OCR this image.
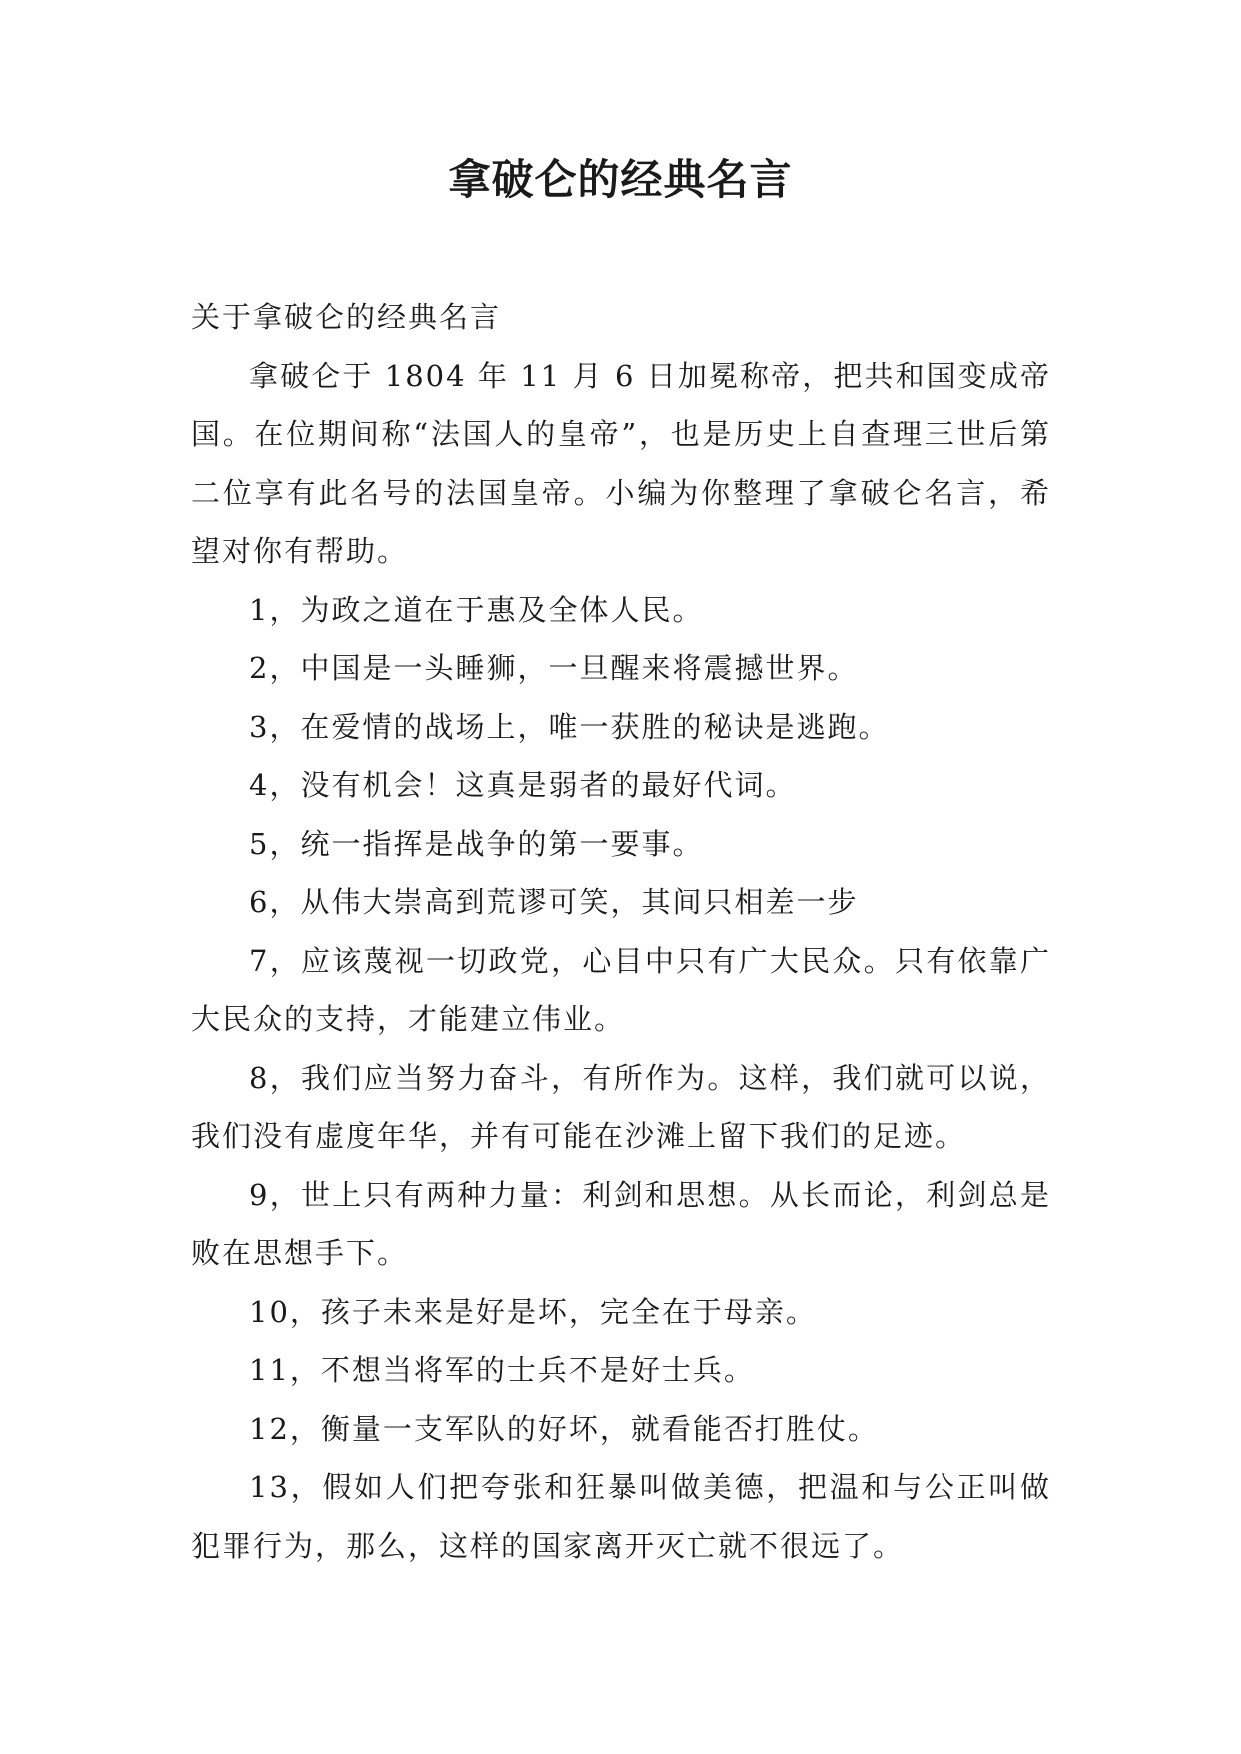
拿破仑的经典名言

关于拿破仑的经典名言

拿破仑于 1804 年 11 月 6 日加冕称帝，把共和国变成帝国。在位期间称“法国人的皇帝”，也是历史上自查理三世后第二位享有此名号的法国皇帝。小编为你整理了拿破仑名言，希望对你有帮助。

1，为政之道在于惠及全体人民。

2，中国是一头睡狮，一旦醒来将震撼世界。

3，在爱情的战场上，唯一获胜的秘诀是逃跑。

4，没有机会！这真是弱者的最好代词。

5，统一指挥是战争的第一要事。

6，从伟大崇高到荒谬可笑，其间只相差一步

7，应该蔑视一切政党，心目中只有广大民众。只有依靠广大民众的支持，才能建立伟业。

8，我们应当努力奋斗，有所作为。这样，我们就可以说，我们没有虚度年华，并有可能在沙滩上留下我们的足迹。

9，世上只有两种力量：利剑和思想。从长而论，利剑总是败在思想手下。

10，孩子未来是好是坏，完全在于母亲。

11，不想当将军的士兵不是好士兵。

12，衡量一支军队的好坏，就看能否打胜仗。

13，假如人们把夸张和狂暴叫做美德，把温和与公正叫做犯罪行为，那么，这样的国家离开灭亡就不很远了。
